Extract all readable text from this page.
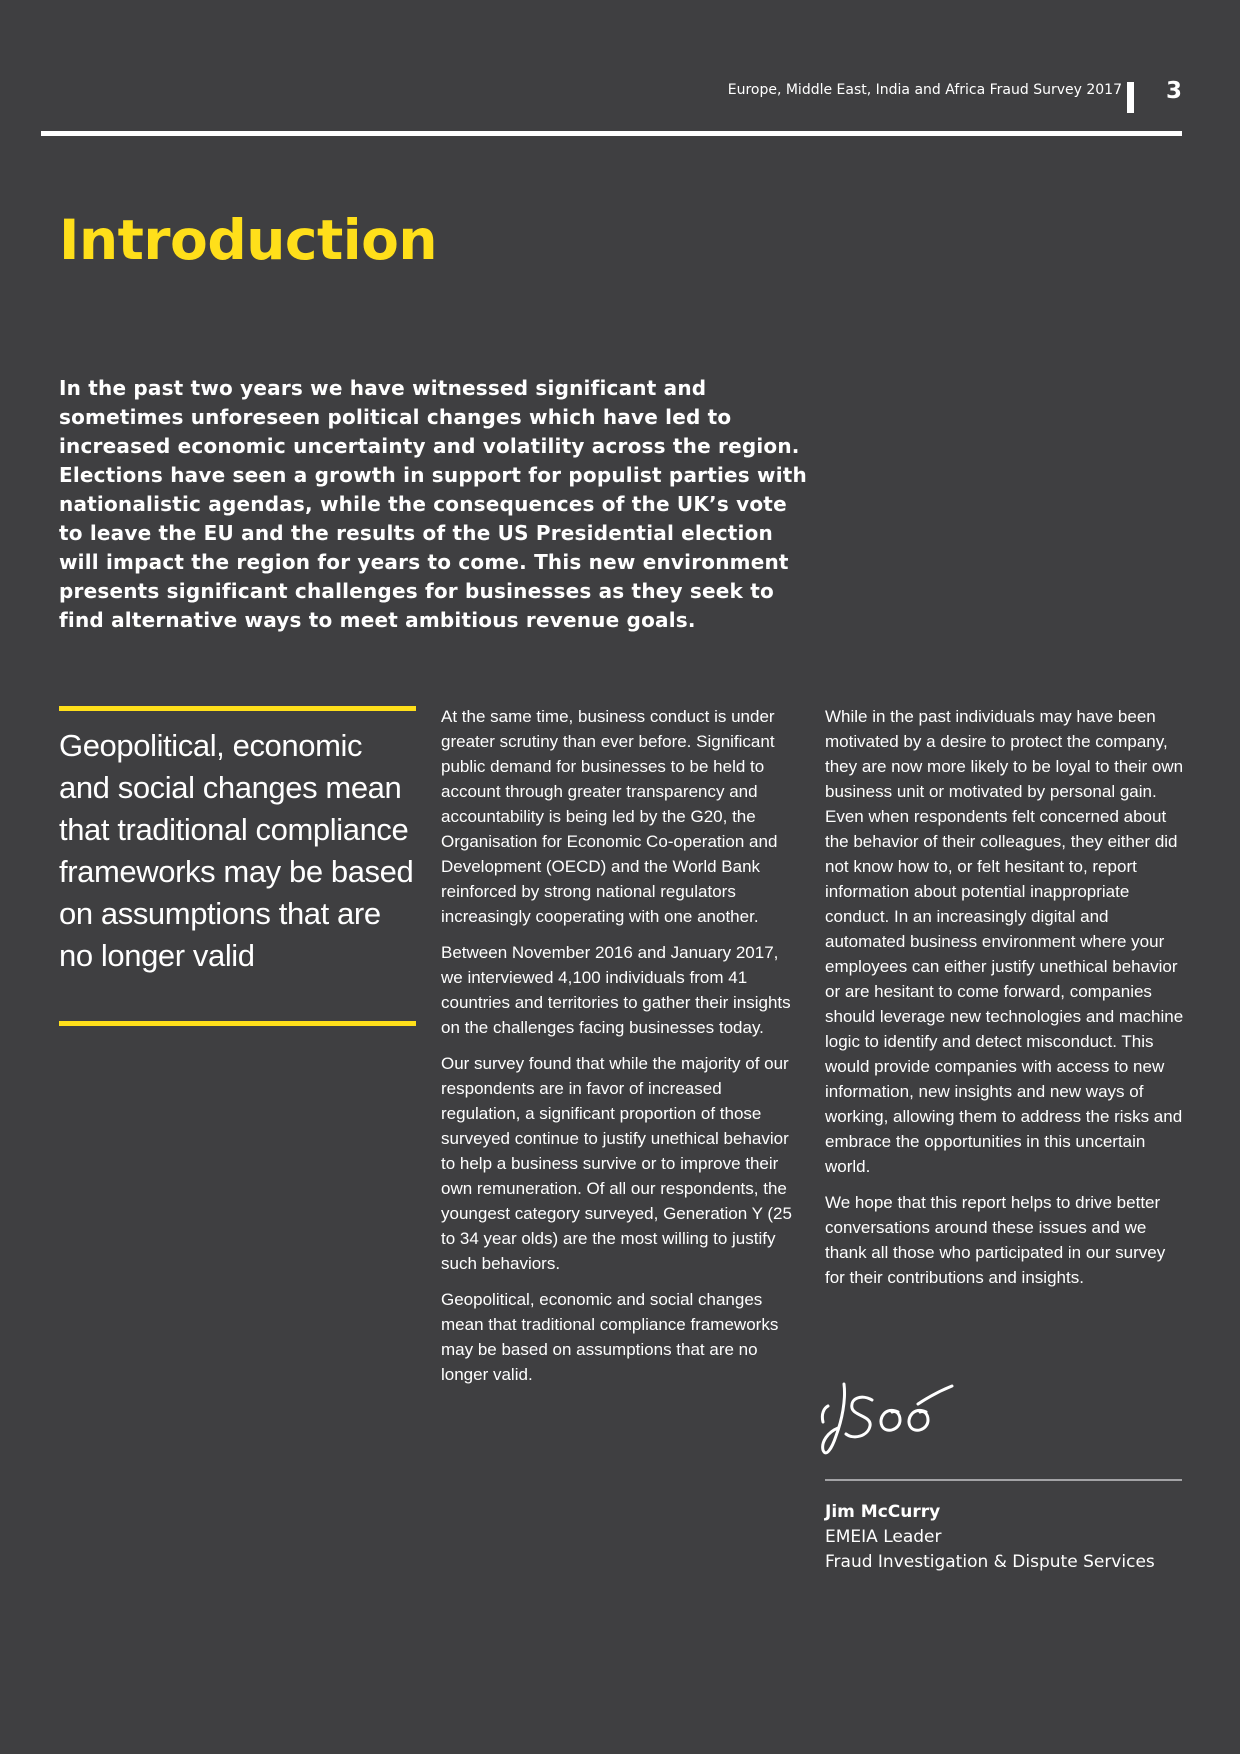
Europe, Middle East, India and Africa Fraud Survey 2017 3
Introduction

In the past two years we have witnessed significant and sometimes unforeseen political changes which have led to increased economic uncertainty and volatility across the region. Elections have seen a growth in support for populist parties with nationalistic agendas, while the consequences of the UK’s vote to leave the EU and the results of the US Presidential election will impact the region for years to come. This new environment presents significant challenges for businesses as they seek to find alternative ways to meet ambitious revenue goals.

Geopolitical, economic and social changes mean that traditional compliance frameworks may be based on assumptions that are no longer valid

At the same time, business conduct is under greater scrutiny than ever before. Significant public demand for businesses to be held to account through greater transparency and accountability is being led by the G20, the Organisation for Economic Co-operation and Development (OECD) and the World Bank reinforced by strong national regulators increasingly cooperating with one another.

Between November 2016 and January 2017, we interviewed 4,100 individuals from 41 countries and territories to gather their insights on the challenges facing businesses today.

Our survey found that while the majority of our respondents are in favor of increased regulation, a significant proportion of those surveyed continue to justify unethical behavior to help a business survive or to improve their own remuneration. Of all our respondents, the youngest category surveyed, Generation Y (25 to 34 year olds) are the most willing to justify such behaviors.

Geopolitical, economic and social changes mean that traditional compliance frameworks may be based on assumptions that are no longer valid.

While in the past individuals may have been motivated by a desire to protect the company, they are now more likely to be loyal to their own business unit or motivated by personal gain. Even when respondents felt concerned about the behavior of their colleagues, they either did not know how to, or felt hesitant to, report information about potential inappropriate conduct. In an increasingly digital and automated business environment where your employees can either justify unethical behavior or are hesitant to come forward, companies should leverage new technologies and machine logic to identify and detect misconduct. This would provide companies with access to new information, new insights and new ways of working, allowing them to address the risks and embrace the opportunities in this uncertain world.

We hope that this report helps to drive better conversations around these issues and we thank all those who participated in our survey for their contributions and insights.

Jim McCurry
EMEIA Leader
Fraud Investigation & Dispute Services
